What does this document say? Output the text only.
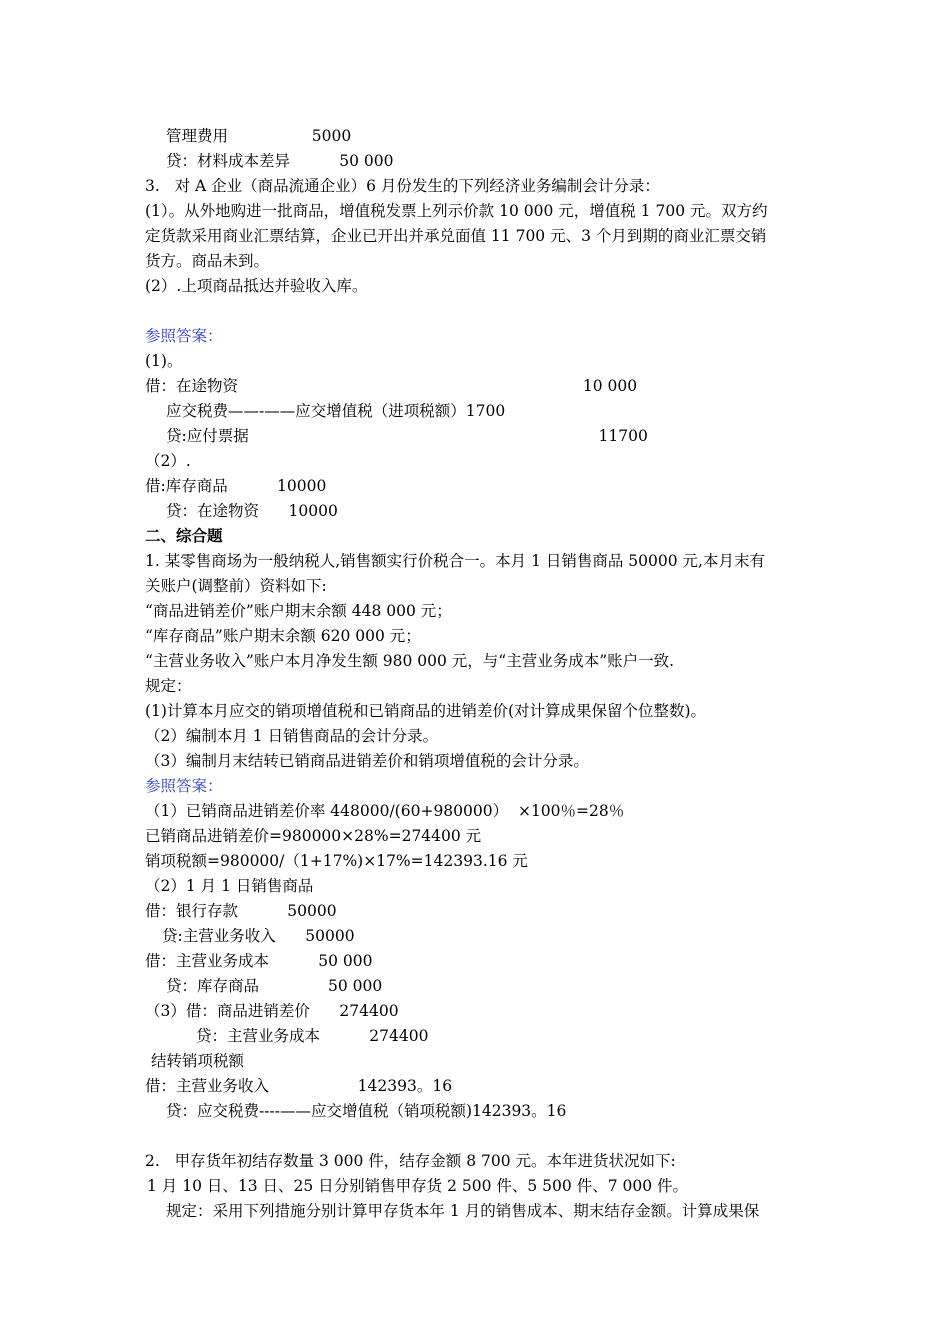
管理费用                 5000
贷：材料成本差异          50 000
3.   对 A 企业（商品流通企业）6 月份发生的下列经济业务编制会计分录：
(1）。从外地购进一批商品，增值税发票上列示价款 10 000 元，增值税 1 700 元。双方约
定货款采用商业汇票结算，企业已开出并承兑面值 11 700 元、3 个月到期的商业汇票交销
货方。商品未到。
(2）.上项商品抵达并验收入库。
参照答案：
(1)。
借：在途物资                                                                      10 000
应交税费——-——应交增值税（进项税额）1700
贷:应付票据                                                                       11700
（2）.
借:库存商品          10000
贷：在途物资      10000
二、综合题
1. 某零售商场为一般纳税人,销售额实行价税合一。本月 1 日销售商品 50000 元,本月末有
关账户(调整前）资料如下:
“商品进销差价”账户期末余额 448 000 元；
“库存商品”账户期末余额 620 000 元；
“主营业务收入”账户本月净发生额 980 000 元，与“主营业务成本”账户一致.
规定：
(1)计算本月应交的销项增值税和已销商品的进销差价(对计算成果保留个位整数)。
（2）编制本月 1 日销售商品的会计分录。
（3）编制月末结转已销商品进销差价和销项增值税的会计分录。
参照答案：
（1）已销商品进销差价率 448000/(60+980000）  ×100％=28％
已销商品进销差价=980000×28%=274400 元
销项税额=980000/（1+17%)×17%=142393.16 元
（2）1 月 1 日销售商品
借：银行存款          50000
贷:主营业务收入      50000
借：主营业务成本          50 000
贷：库存商品              50 000
（3）借：商品进销差价      274400
贷：主营业务成本          274400
结转销项税额
借：主营业务收入                  142393。16
贷：应交税费----——应交增值税（销项税额)142393。16
2.   甲存货年初结存数量 3 000 件，结存金额 8 700 元。本年进货状况如下:
1 月 10 日、13 日、25 日分别销售甲存货 2 500 件、5 500 件、7 000 件。
规定：采用下列措施分别计算甲存货本年 1 月的销售成本、期末结存金额。计算成果保
